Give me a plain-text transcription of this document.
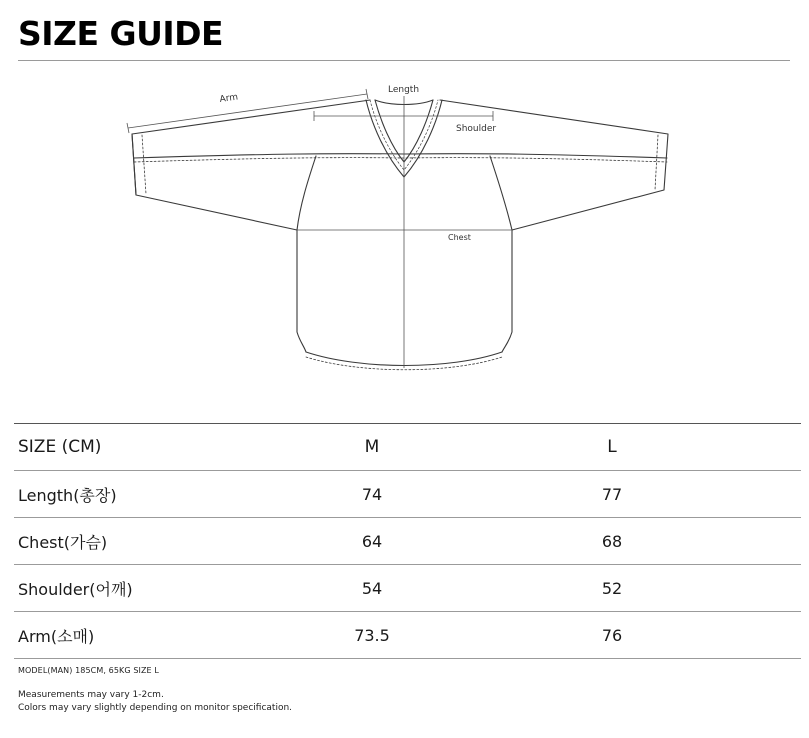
SIZE GUIDE
Length
Arm
Shoulder
Chest
SIZE (CM)	M	L	
Length(총장)	74	77	
Chest(가슴)	64	68	
Shoulder(어깨)	54	52	
Arm(소매)	73.5	76	
MODEL(MAN) 185CM, 65KG SIZE L
Measurements may vary 1-2cm.
Colors may vary slightly depending on monitor specification.
